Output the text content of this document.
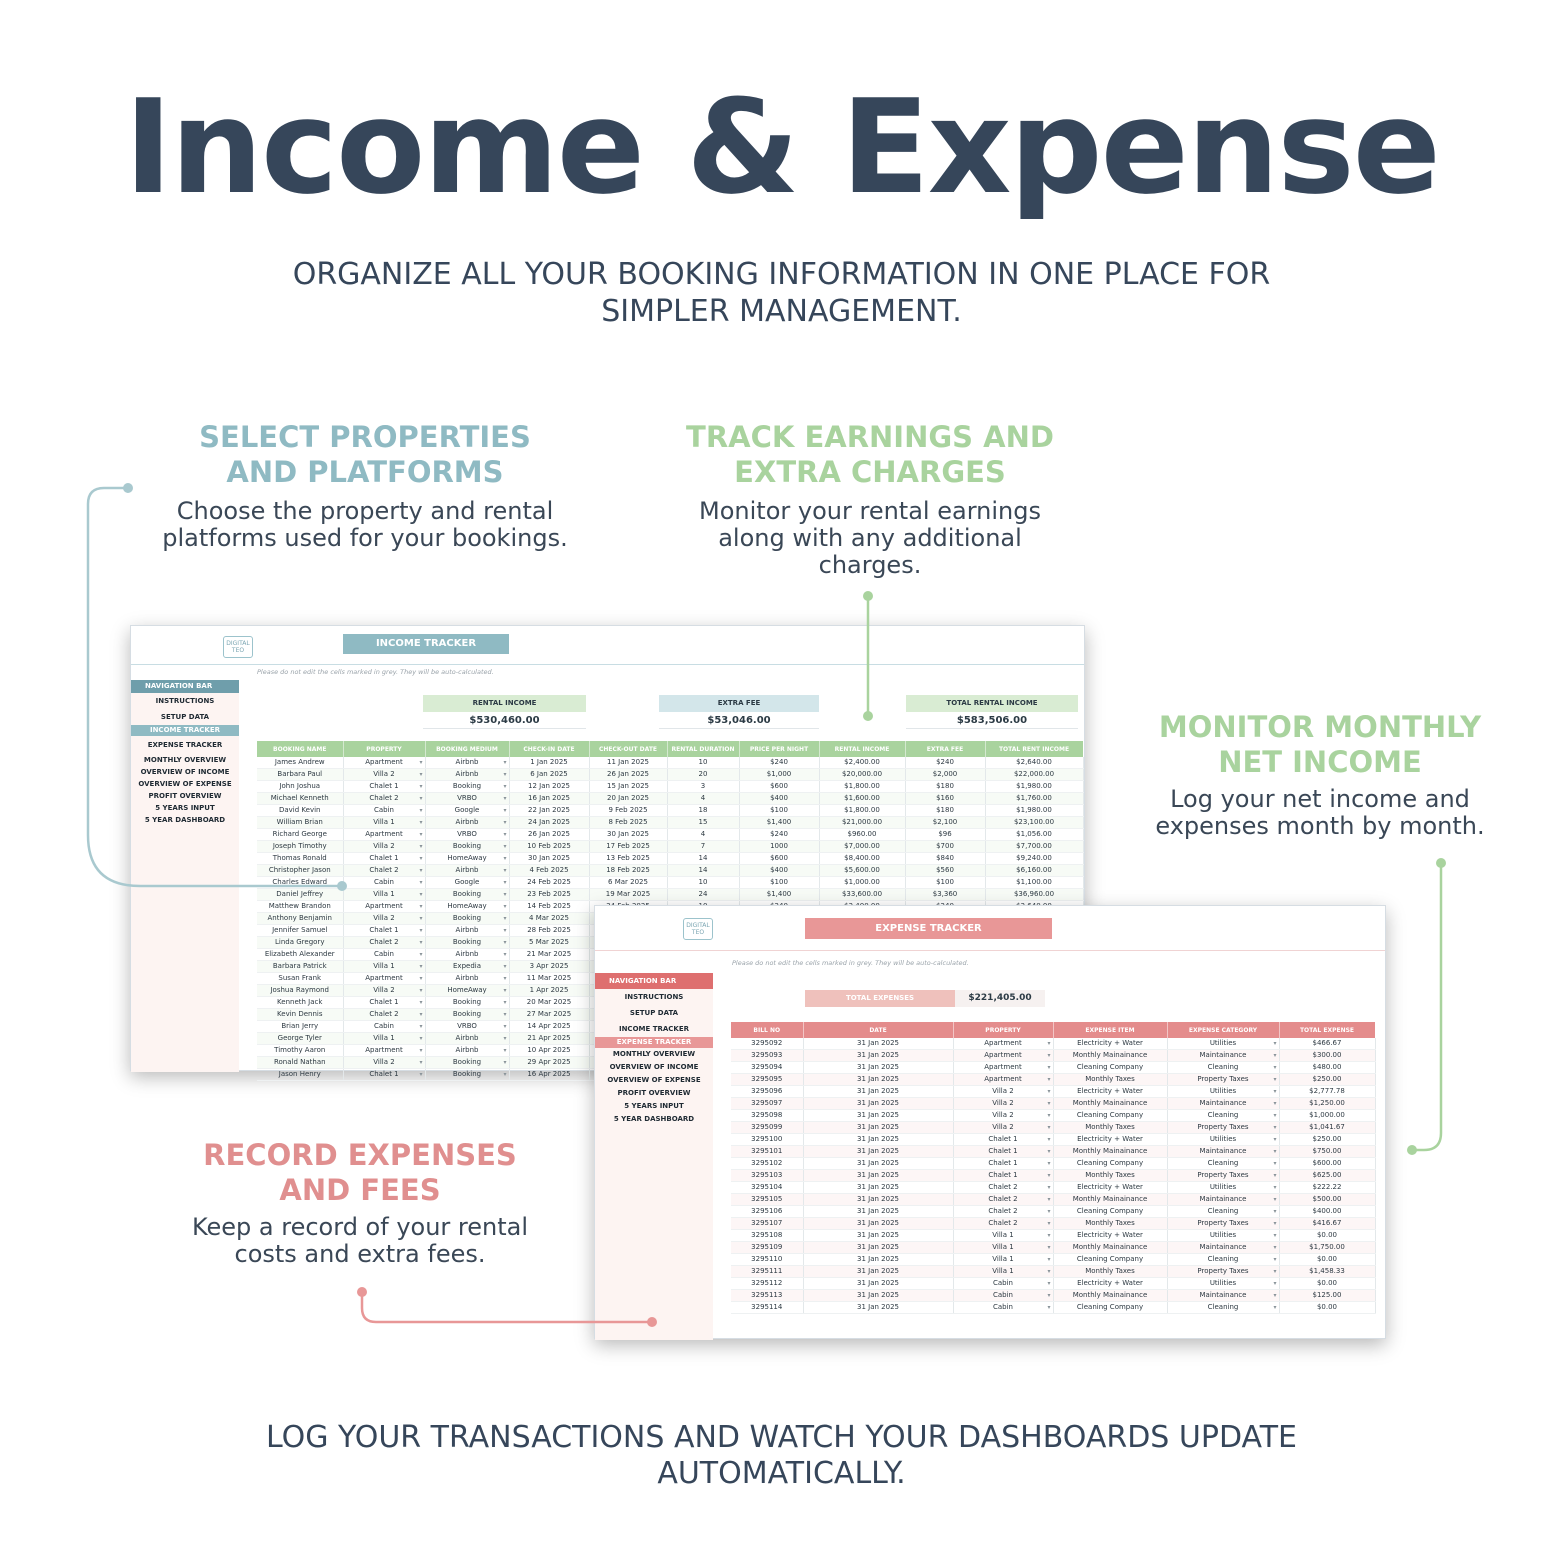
Income & Expense
ORGANIZE ALL YOUR BOOKING INFORMATION IN ONE PLACE FOR
SIMPLER MANAGEMENT.
SELECT PROPERTIES
AND PLATFORMS
Choose the property and rental
platforms used for your bookings.
TRACK EARNINGS AND
EXTRA CHARGES
Monitor your rental earnings
along with any additional
charges.
MONITOR MONTHLY
NET INCOME
Log your net income and
expenses month by month.
RECORD EXPENSES
AND FEES
Keep a record of your rental
costs and extra fees.
DIGITAL
TEO
INCOME TRACKER
Please do not edit the cells marked in grey. They will be auto-calculated.
NAVIGATION BAR
INSTRUCTIONS
SETUP DATA
INCOME TRACKER
EXPENSE TRACKER
MONTHLY OVERVIEW
OVERVIEW OF INCOME
OVERVIEW OF EXPENSE
PROFIT OVERVIEW
5 YEARS INPUT
5 YEAR DASHBOARD
RENTAL INCOME
$530,460.00
EXTRA FEE
$53,046.00
TOTAL RENTAL INCOME
$583,506.00
BOOKING NAME	PROPERTY	BOOKING MEDIUM	CHECK-IN DATE	CHECK-OUT DATE	RENTAL DURATION	PRICE PER NIGHT	RENTAL INCOME	EXTRA FEE	TOTAL RENT INCOME
James Andrew	Apartment ▾	Airbnb ▾	1 Jan 2025	11 Jan 2025	10	$240	$2,400.00	$240	$2,640.00
Barbara Paul	Villa 2 ▾	Airbnb ▾	6 Jan 2025	26 Jan 2025	20	$1,000	$20,000.00	$2,000	$22,000.00
John Joshua	Chalet 1 ▾	Booking ▾	12 Jan 2025	15 Jan 2025	3	$600	$1,800.00	$180	$1,980.00
Michael Kenneth	Chalet 2 ▾	VRBO ▾	16 Jan 2025	20 Jan 2025	4	$400	$1,600.00	$160	$1,760.00
David Kevin	Cabin ▾	Google ▾	22 Jan 2025	9 Feb 2025	18	$100	$1,800.00	$180	$1,980.00
William Brian	Villa 1 ▾	Airbnb ▾	24 Jan 2025	8 Feb 2025	15	$1,400	$21,000.00	$2,100	$23,100.00
Richard George	Apartment ▾	VRBO ▾	26 Jan 2025	30 Jan 2025	4	$240	$960.00	$96	$1,056.00
Joseph Timothy	Villa 2 ▾	Booking ▾	10 Feb 2025	17 Feb 2025	7	1000	$7,000.00	$700	$7,700.00
Thomas Ronald	Chalet 1 ▾	HomeAway ▾	30 Jan 2025	13 Feb 2025	14	$600	$8,400.00	$840	$9,240.00
Christopher Jason	Chalet 2 ▾	Airbnb ▾	4 Feb 2025	18 Feb 2025	14	$400	$5,600.00	$560	$6,160.00
Charles Edward	Cabin ▾	Google ▾	24 Feb 2025	6 Mar 2025	10	$100	$1,000.00	$100	$1,100.00
Daniel Jeffrey	Villa 1 ▾	Booking ▾	23 Feb 2025	19 Mar 2025	24	$1,400	$33,600.00	$3,360	$36,960.00
Matthew Brandon	Apartment ▾	HomeAway ▾	14 Feb 2025						
Anthony Benjamin	Villa 2 ▾	Booking ▾	4 Mar 2025						
Jennifer Samuel	Chalet 1 ▾	Airbnb ▾	28 Feb 2025						
Linda Gregory	Chalet 2 ▾	Booking ▾	5 Mar 2025						
Elizabeth Alexander	Cabin ▾	Airbnb ▾	21 Mar 2025						
Barbara Patrick	Villa 1 ▾	Expedia ▾	3 Apr 2025						
Susan Frank	Apartment ▾	Airbnb ▾	11 Mar 2025						
Joshua Raymond	Villa 2 ▾	HomeAway ▾	1 Apr 2025						
Kenneth Jack	Chalet 1 ▾	Booking ▾	20 Mar 2025						
Kevin Dennis	Chalet 2 ▾	Booking ▾	27 Mar 2025						
Brian Jerry	Cabin ▾	VRBO ▾	14 Apr 2025						
George Tyler	Villa 1 ▾	Airbnb ▾	21 Apr 2025						
Timothy Aaron	Apartment ▾	Airbnb ▾	10 Apr 2025						
Ronald Nathan	Villa 2 ▾	Booking ▾	29 Apr 2025						
Jason Henry	Chalet 1 ▾	Booking ▾	16 Apr 2025						
DIGITAL
TEO	EXPENSE TRACKER
Please do not edit the cells marked in grey. They will be auto-calculated.
NAVIGATION BAR
INSTRUCTIONS
SETUP DATA
INCOME TRACKER
EXPENSE TRACKER
MONTHLY OVERVIEW
OVERVIEW OF INCOME
OVERVIEW OF EXPENSE
PROFIT OVERVIEW
5 YEARS INPUT
5 YEAR DASHBOARD
TOTAL EXPENSES	$221,405.00
BILL NO	DATE	PROPERTY	EXPENSE ITEM	EXPENSE CATEGORY	TOTAL EXPENSE
3295092	31 Jan 2025	Apartment ▾	Electricity + Water	Utilities ▾	$466.67
3295093	31 Jan 2025	Apartment ▾	Monthly Mainainance	Maintainance ▾	$300.00
3295094	31 Jan 2025	Apartment ▾	Cleaning Company	Cleaning ▾	$480.00
3295095	31 Jan 2025	Apartment ▾	Monthly Taxes	Property Taxes ▾	$250.00
3295096	31 Jan 2025	Villa 2 ▾	Electricity + Water	Utilities ▾	$2,777.78
3295097	31 Jan 2025	Villa 2 ▾	Monthly Mainainance	Maintainance ▾	$1,250.00
3295098	31 Jan 2025	Villa 2 ▾	Cleaning Company	Cleaning ▾	$1,000.00
3295099	31 Jan 2025	Villa 2 ▾	Monthly Taxes	Property Taxes ▾	$1,041.67
3295100	31 Jan 2025	Chalet 1 ▾	Electricity + Water	Utilities ▾	$250.00
3295101	31 Jan 2025	Chalet 1 ▾	Monthly Mainainance	Maintainance ▾	$750.00
3295102	31 Jan 2025	Chalet 1 ▾	Cleaning Company	Cleaning ▾	$600.00
3295103	31 Jan 2025	Chalet 1 ▾	Monthly Taxes	Property Taxes ▾	$625.00
3295104	31 Jan 2025	Chalet 2 ▾	Electricity + Water	Utilities ▾	$222.22
3295105	31 Jan 2025	Chalet 2 ▾	Monthly Mainainance	Maintainance ▾	$500.00
3295106	31 Jan 2025	Chalet 2 ▾	Cleaning Company	Cleaning ▾	$400.00
3295107	31 Jan 2025	Chalet 2 ▾	Monthly Taxes	Property Taxes ▾	$416.67
3295108	31 Jan 2025	Villa 1 ▾	Electricity + Water	Utilities ▾	$0.00
3295109	31 Jan 2025	Villa 1 ▾	Monthly Mainainance	Maintainance ▾	$1,750.00
3295110	31 Jan 2025	Villa 1 ▾	Cleaning Company	Cleaning ▾	$0.00
3295111	31 Jan 2025	Villa 1 ▾	Monthly Taxes	Property Taxes ▾	$1,458.33
3295112	31 Jan 2025	Cabin ▾	Electricity + Water	Utilities ▾	$0.00
3295113	31 Jan 2025	Cabin ▾	Monthly Mainainance	Maintainance ▾	$125.00
3295114	31 Jan 2025	Cabin ▾	Cleaning Company	Cleaning ▾	$0.00
LOG YOUR TRANSACTIONS AND WATCH YOUR DASHBOARDS UPDATE
AUTOMATICALLY.
